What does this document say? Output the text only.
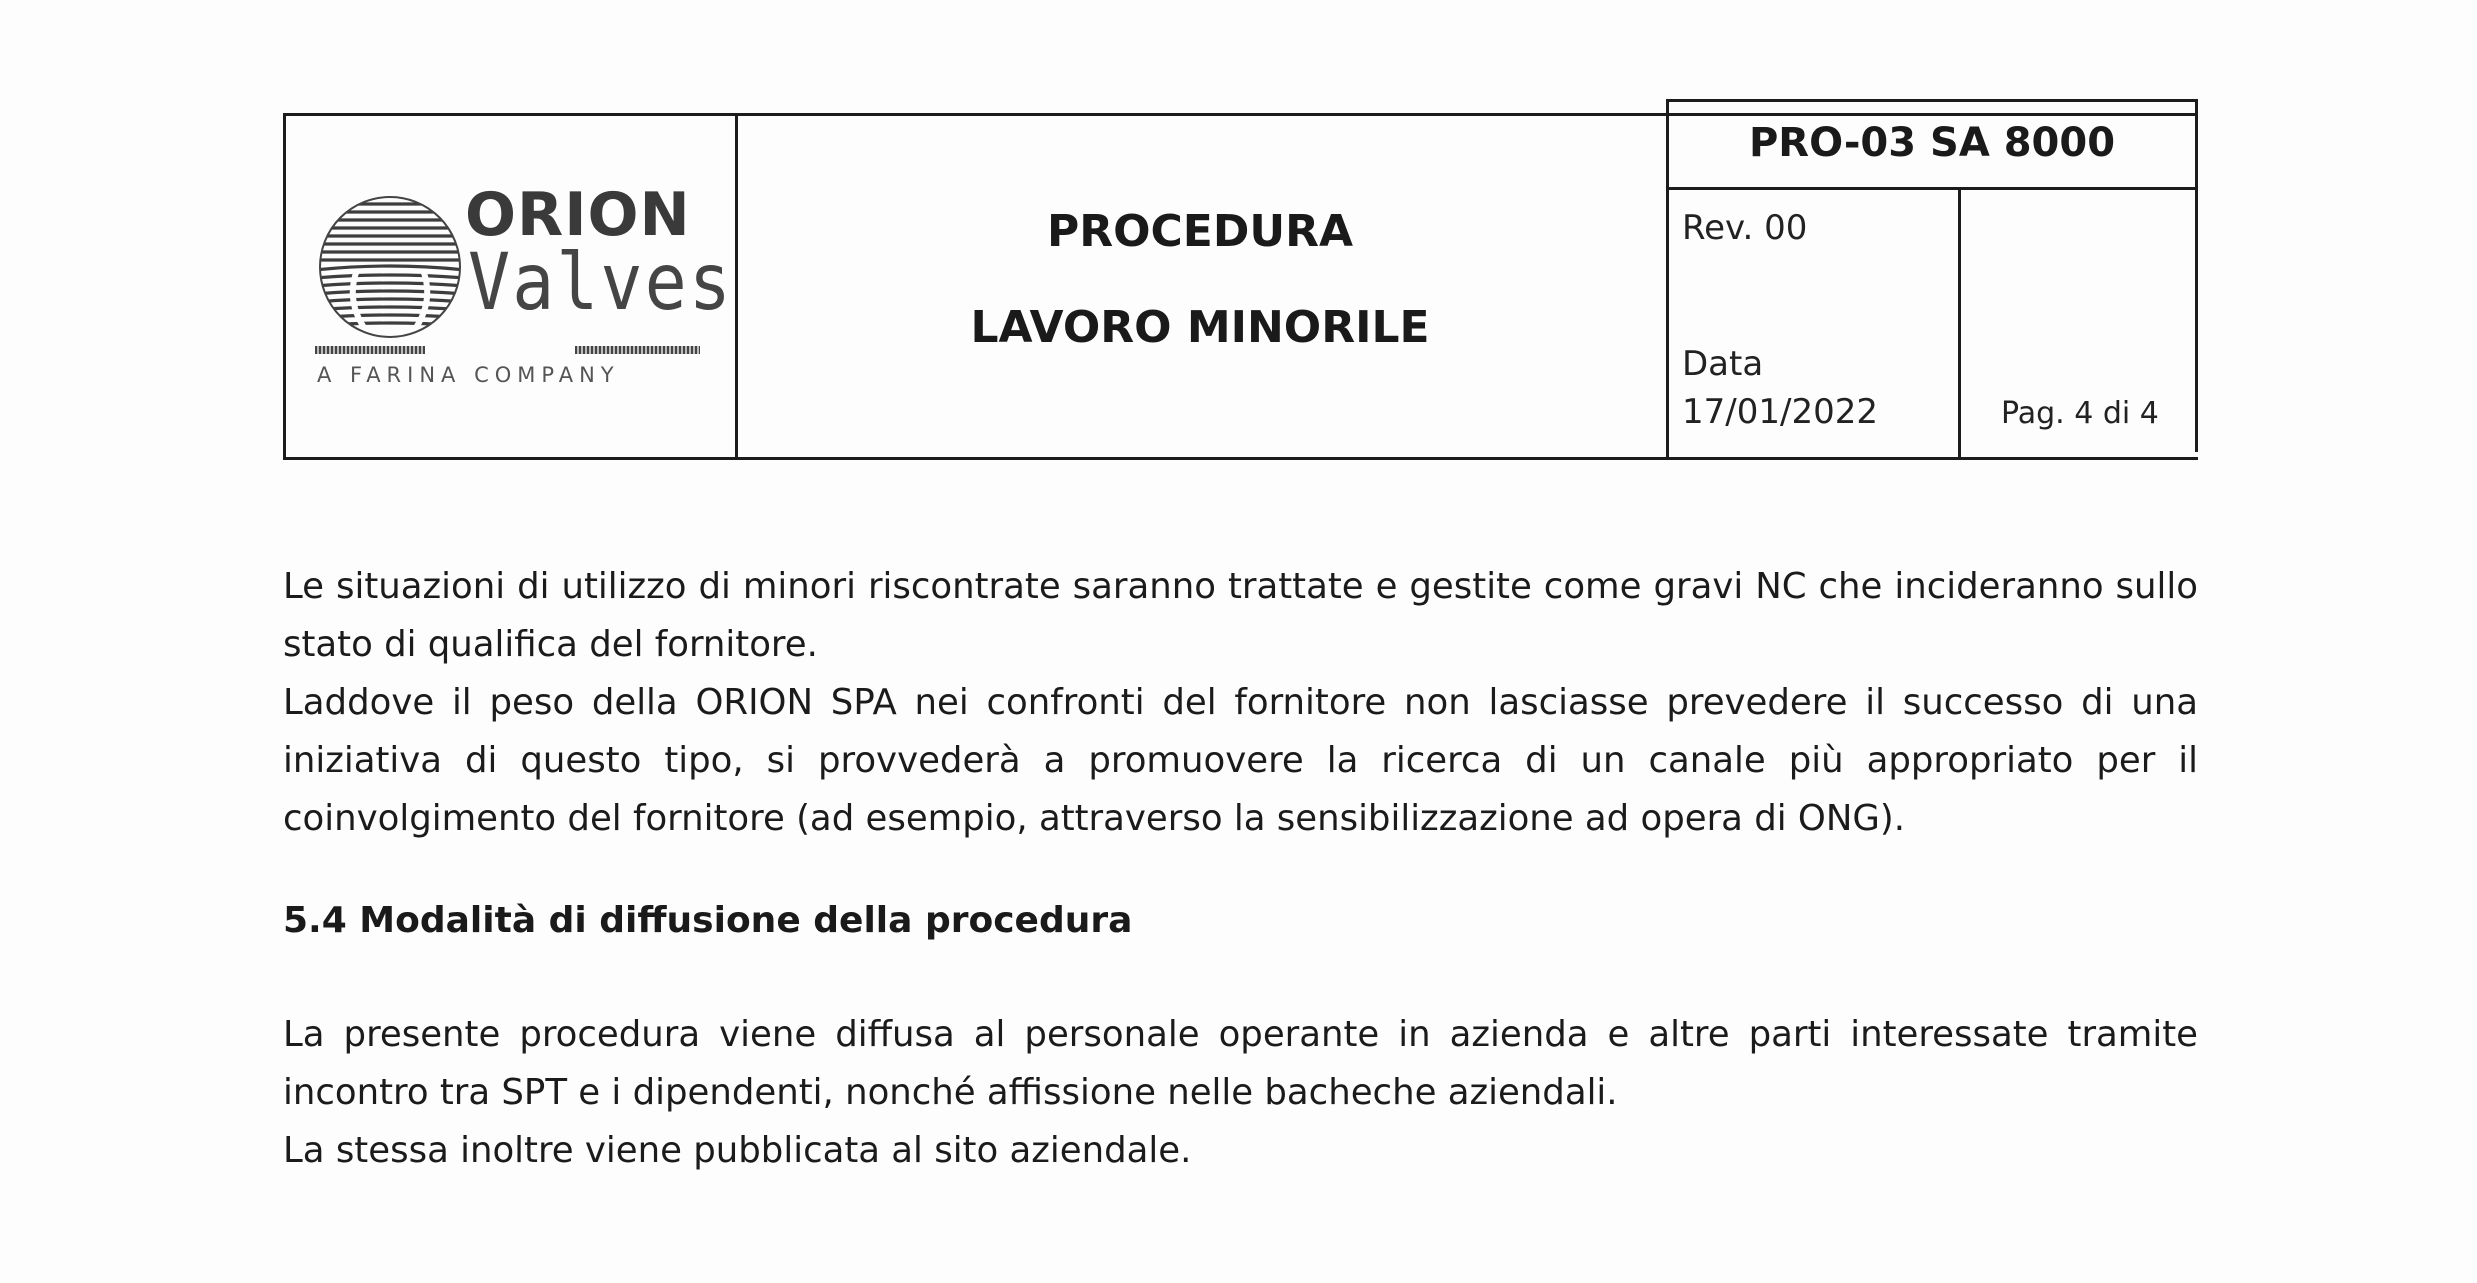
ORION
Valves
A FARINA COMPANY
PROCEDURA
LAVORO MINORILE
PRO-03 SA 8000
Rev. 00
Data
17/01/2022	Pag. 4 di 4

Le situazioni di utilizzo di minori riscontrate saranno trattate e gestite come gravi NC che incideranno sullo stato di qualifica del fornitore.

Laddove il peso della ORION SPA nei confronti del fornitore non lasciasse prevedere il successo di una iniziativa di questo tipo, si provvederà a promuovere la ricerca di un canale più appropriato per il coinvolgimento del fornitore (ad esempio, attraverso la sensibilizzazione ad opera di ONG).

5.4 Modalità di diffusione della procedura

La presente procedura viene diffusa al personale operante in azienda e altre parti interessate tramite incontro tra SPT e i dipendenti, nonché affissione nelle bacheche aziendali.

La stessa inoltre viene pubblicata al sito aziendale.
